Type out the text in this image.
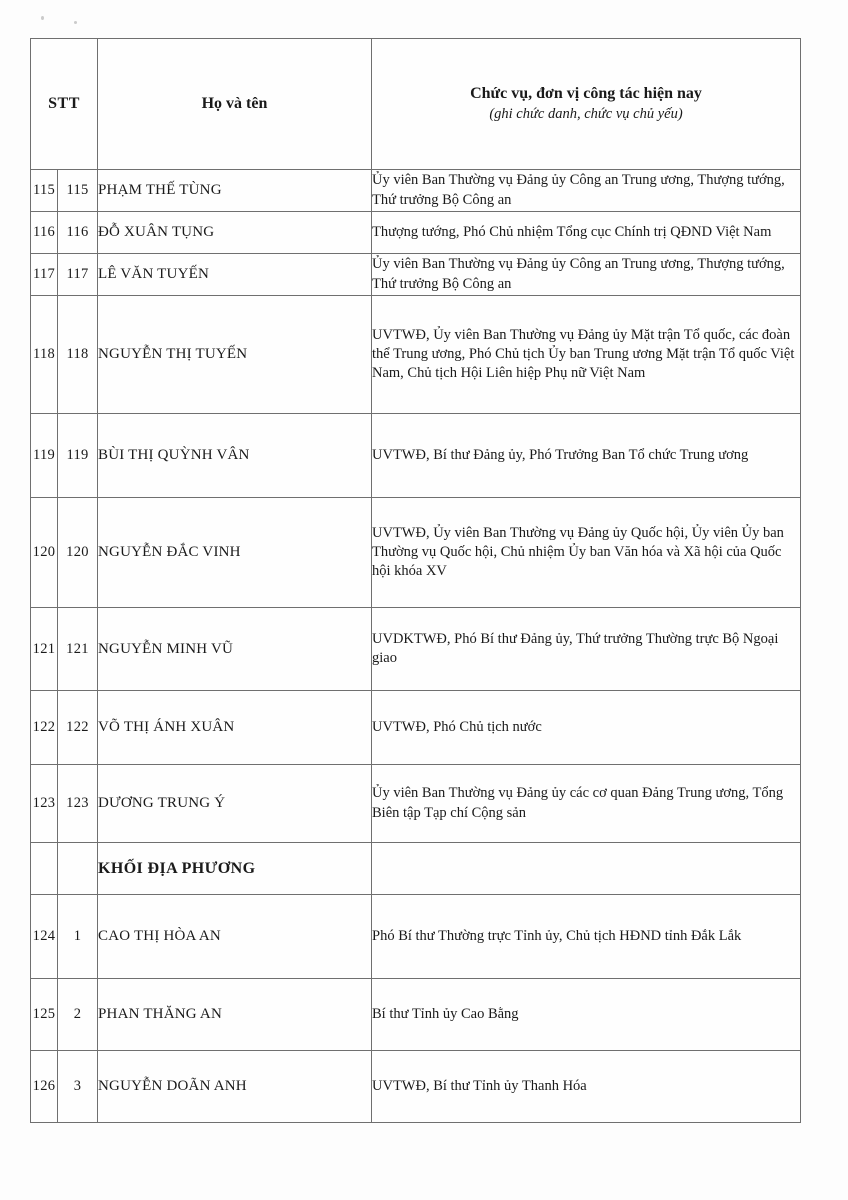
STT		Họ và tên	Chức vụ, đơn vị công tác hiện nay
(ghi chức danh, chức vụ chủ yếu)

115	115	PHẠM THẾ TÙNG	Ủy viên Ban Thường vụ Đảng ủy Công an Trung ương, Thượng tướng, Thứ trưởng Bộ Công an
116	116	ĐỖ XUÂN TỤNG	Thượng tướng, Phó Chủ nhiệm Tổng cục Chính trị QĐND Việt Nam
117	117	LÊ VĂN TUYẾN	Ủy viên Ban Thường vụ Đảng ủy Công an Trung ương, Thượng tướng, Thứ trưởng Bộ Công an
118	118	NGUYỄN THỊ TUYẾN	UVTWĐ, Ủy viên Ban Thường vụ Đảng ủy Mặt trận Tổ quốc, các đoàn thể Trung ương, Phó Chủ tịch Ủy ban Trung ương Mặt trận Tổ quốc Việt Nam, Chủ tịch Hội Liên hiệp Phụ nữ Việt Nam
119	119	BÙI THỊ QUỲNH VÂN	UVTWĐ, Bí thư Đảng ủy, Phó Trưởng Ban Tổ chức Trung ương
120	120	NGUYỄN ĐẮC VINH	UVTWĐ, Ủy viên Ban Thường vụ Đảng ủy Quốc hội, Ủy viên Ủy ban Thường vụ Quốc hội, Chủ nhiệm Ủy ban Văn hóa và Xã hội của Quốc hội khóa XV
121	121	NGUYỄN MINH VŨ	UVDKTWĐ, Phó Bí thư Đảng ủy, Thứ trưởng Thường trực Bộ Ngoại giao
122	122	VÕ THỊ ÁNH XUÂN	UVTWĐ, Phó Chủ tịch nước
123	123	DƯƠNG TRUNG Ý	Ủy viên Ban Thường vụ Đảng ủy các cơ quan Đảng Trung ương, Tổng Biên tập Tạp chí Cộng sản
		KHỐI ĐỊA PHƯƠNG	
124	1	CAO THỊ HÒA AN	Phó Bí thư Thường trực Tỉnh ủy, Chủ tịch HĐND tỉnh Đắk Lắk
125	2	PHAN THĂNG AN	Bí thư Tỉnh ủy Cao Bằng
126	3	NGUYỄN DOÃN ANH	UVTWĐ, Bí thư Tỉnh ủy Thanh Hóa
